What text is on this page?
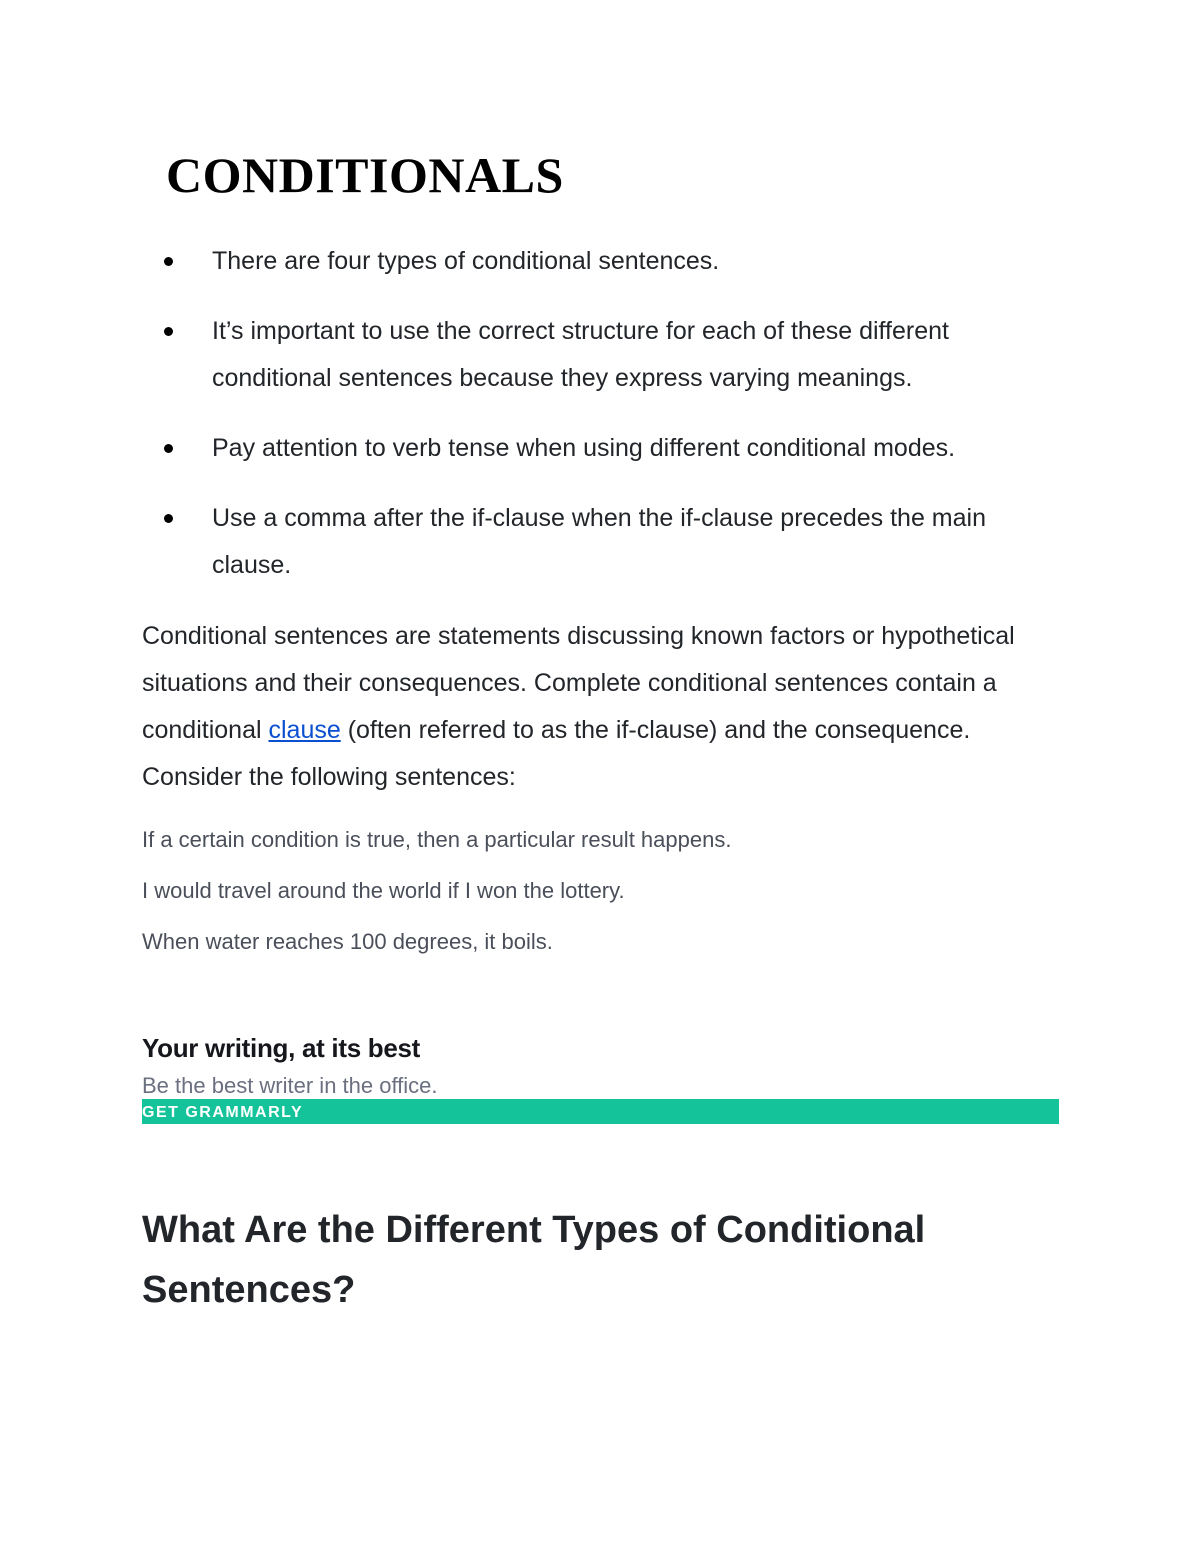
CONDITIONALS
There are four types of conditional sentences.
It’s important to use the correct structure for each of these different conditional sentences because they express varying meanings.
Pay attention to verb tense when using different conditional modes.
Use a comma after the if-clause when the if-clause precedes the main clause.

Conditional sentences are statements discussing known factors or hypothetical situations and their consequences. Complete conditional sentences contain a conditional clause (often referred to as the if-clause) and the consequence. Consider the following sentences:

If a certain condition is true, then a particular result happens.

I would travel around the world if I won the lottery.

When water reaches 100 degrees, it boils.

Your writing, at its best

Be the best writer in the office.

GET GRAMMARLY
What Are the Different Types of Conditional Sentences?
